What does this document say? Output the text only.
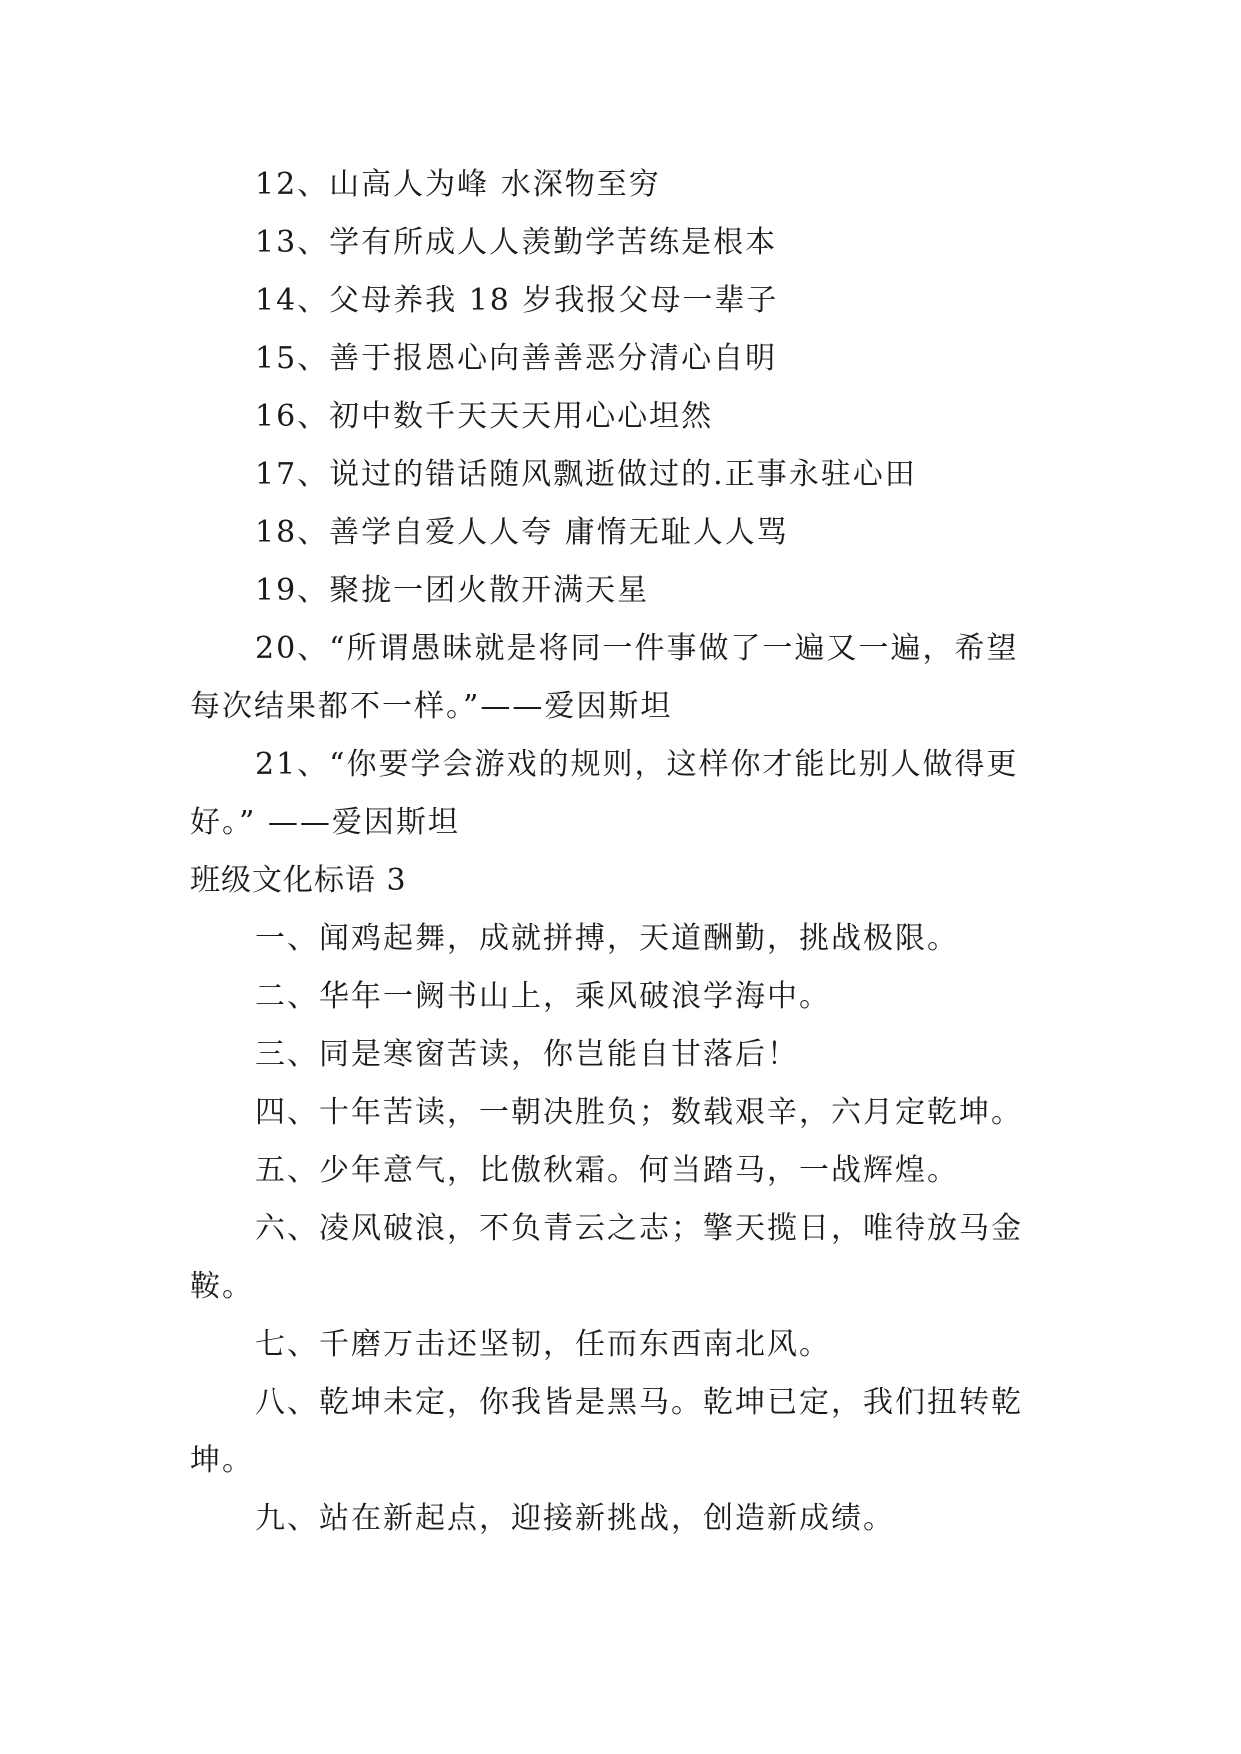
12、山高人为峰 水深物至穷
13、学有所成人人羡勤学苦练是根本
14、父母养我 18 岁我报父母一辈子
15、善于报恩心向善善恶分清心自明
16、初中数千天天天用心心坦然
17、说过的错话随风飘逝做过的.正事永驻心田
18、善学自爱人人夸 庸惰无耻人人骂
19、聚拢一团火散开满天星
20、“所谓愚昧就是将同一件事做了一遍又一遍，希望
每次结果都不一样。”——爱因斯坦
21、“你要学会游戏的规则，这样你才能比别人做得更
好。” ——爱因斯坦
班级文化标语 3
一、闻鸡起舞，成就拼搏，天道酬勤，挑战极限。
二、华年一阙书山上，乘风破浪学海中。
三、同是寒窗苦读，你岂能自甘落后！
四、十年苦读，一朝决胜负；数载艰辛，六月定乾坤。
五、少年意气，比傲秋霜。何当踏马，一战辉煌。
六、凌风破浪，不负青云之志；擎天揽日，唯待放马金
鞍。
七、千磨万击还坚韧，任而东西南北风。
八、乾坤未定，你我皆是黑马。乾坤已定，我们扭转乾
坤。
九、站在新起点，迎接新挑战，创造新成绩。
